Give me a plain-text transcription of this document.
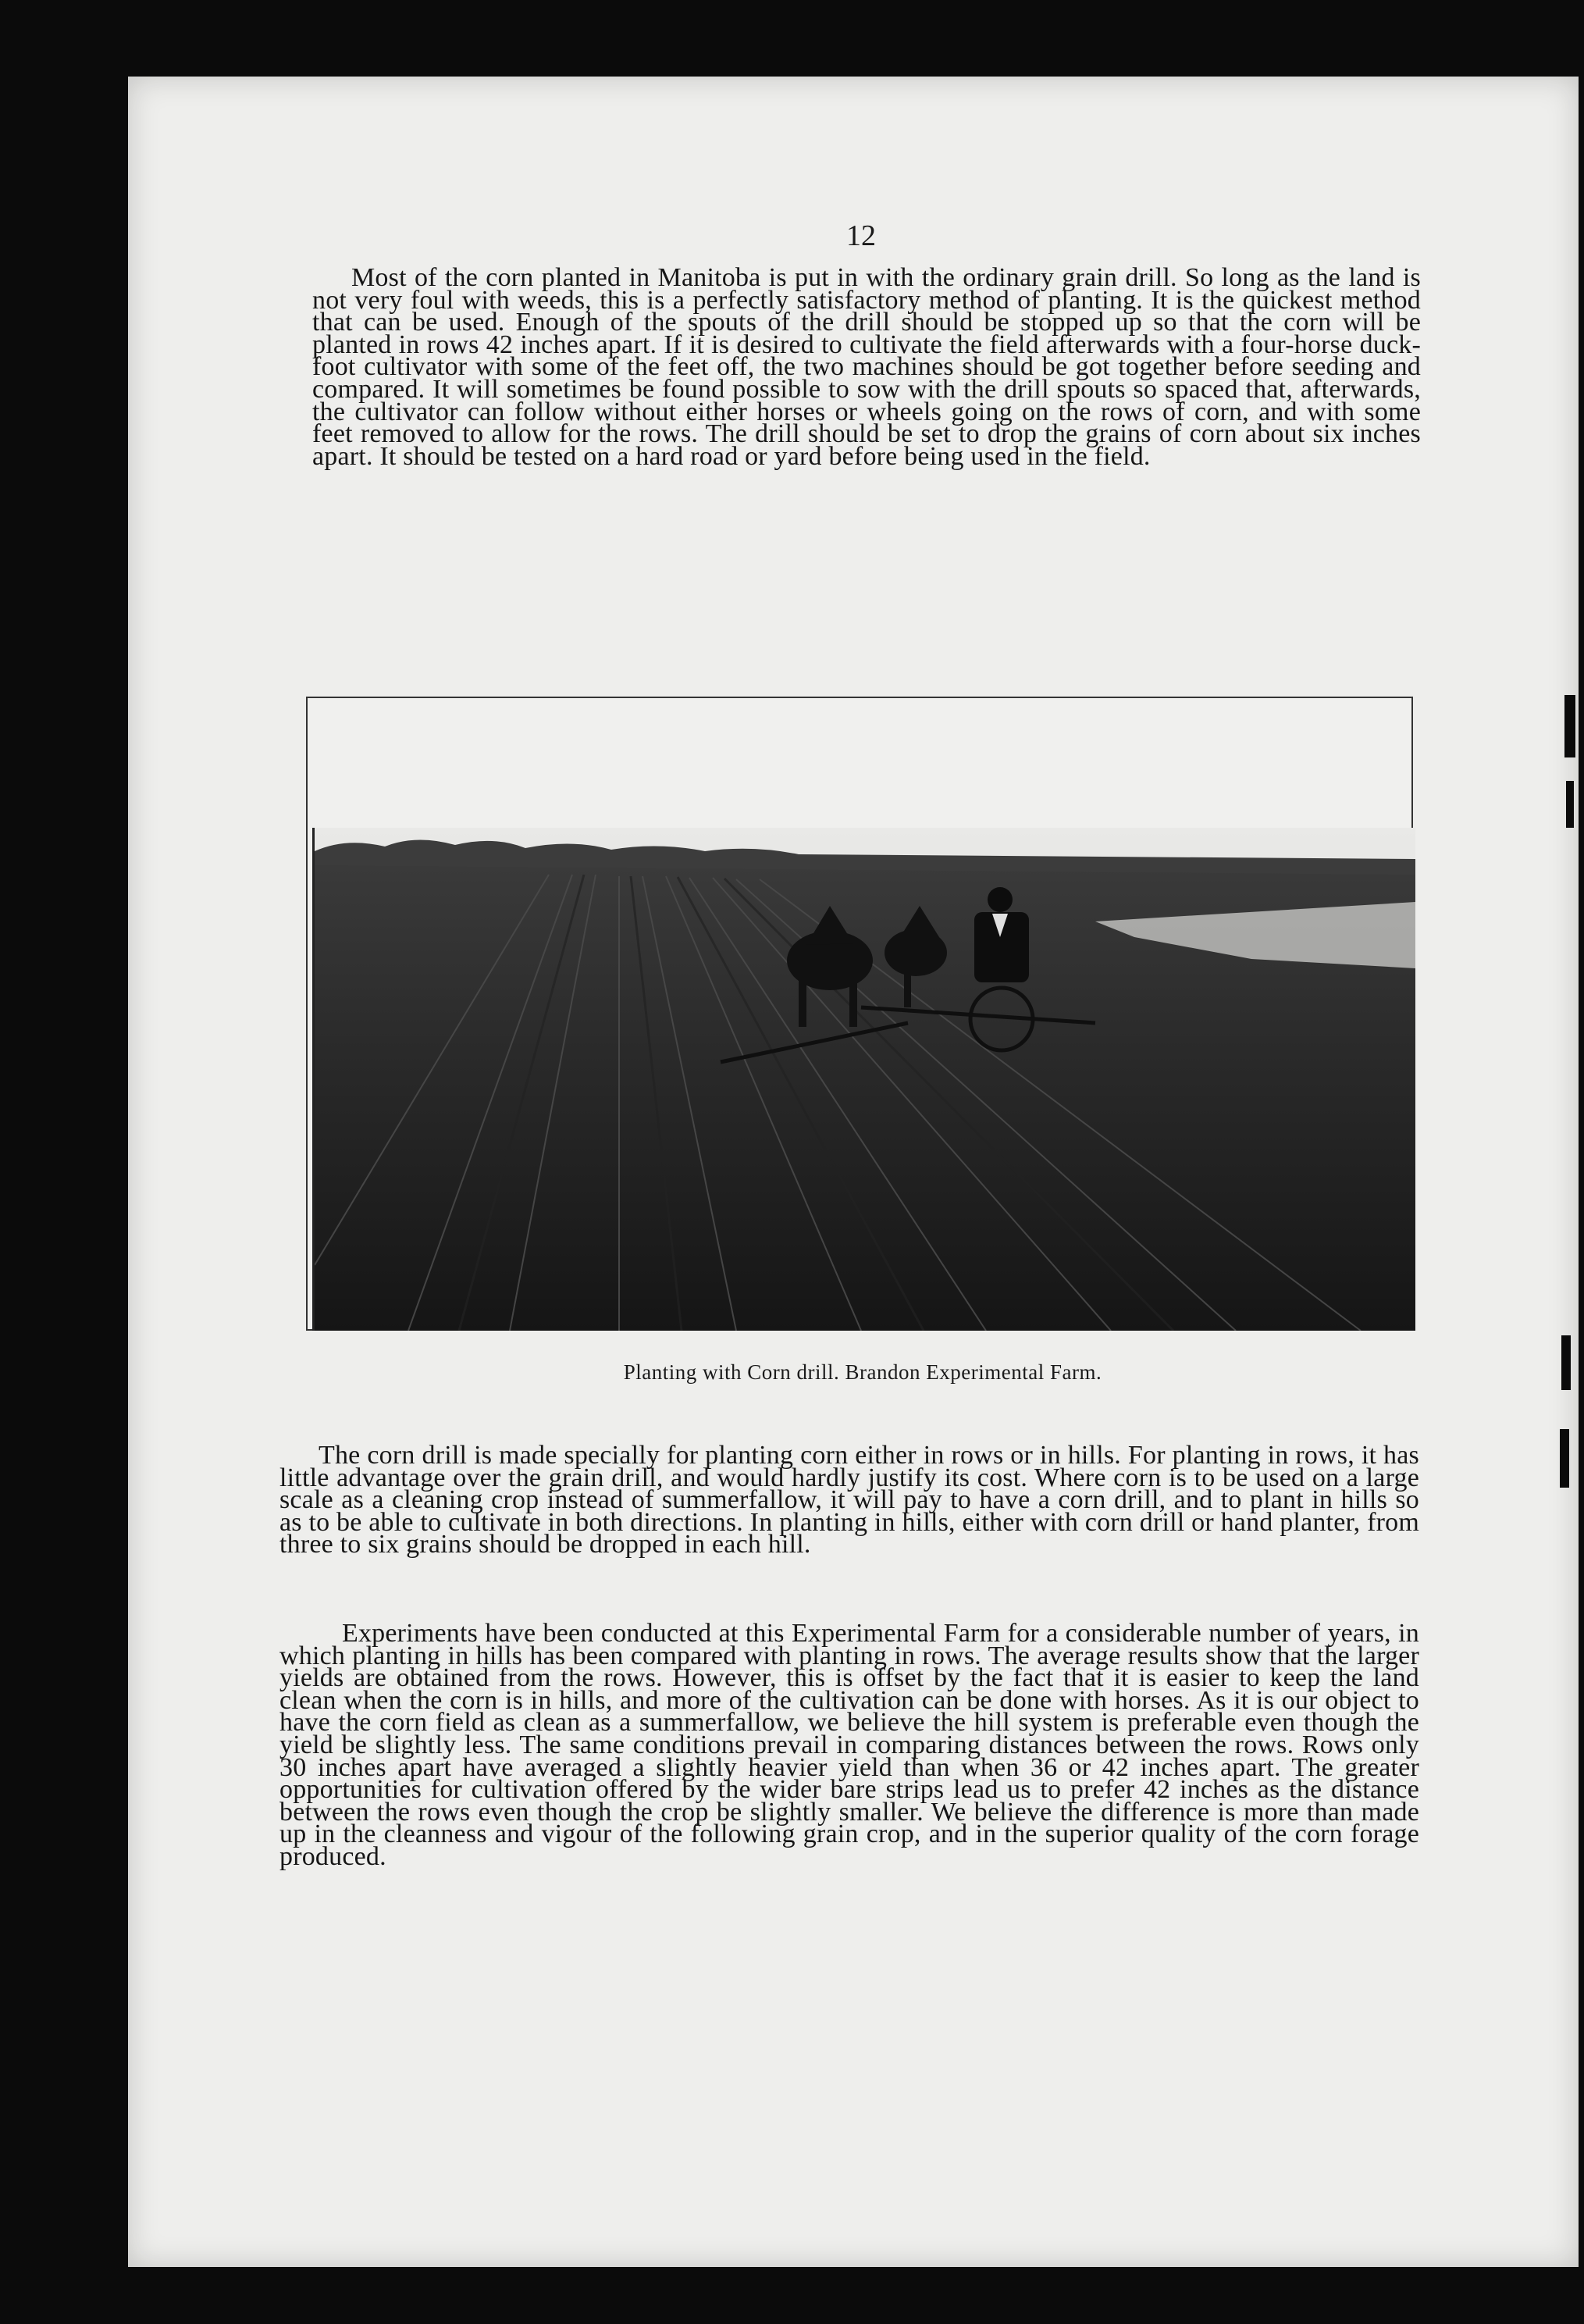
12

Most of the corn planted in Manitoba is put in with the ordinary grain drill. So long as the land is not very foul with weeds, this is a perfectly satisfactory method of planting. It is the quickest method that can be used. Enough of the spouts of the drill should be stopped up so that the corn will be planted in rows 42 inches apart. If it is desired to cultivate the field afterwards with a four-horse duck-foot cultivator with some of the feet off, the two machines should be got together before seeding and compared. It will sometimes be found possible to sow with the drill spouts so spaced that, afterwards, the cultivator can follow without either horses or wheels going on the rows of corn, and with some feet removed to allow for the rows. The drill should be set to drop the grains of corn about six inches apart. It should be tested on a hard road or yard before being used in the field.

Planting with Corn drill. Brandon Experimental Farm.

The corn drill is made specially for planting corn either in rows or in hills. For planting in rows, it has little advantage over the grain drill, and would hardly justify its cost. Where corn is to be used on a large scale as a cleaning crop instead of summerfallow, it will pay to have a corn drill, and to plant in hills so as to be able to cultivate in both directions. In planting in hills, either with corn drill or hand planter, from three to six grains should be dropped in each hill.

Experiments have been conducted at this Experimental Farm for a considerable number of years, in which planting in hills has been compared with planting in rows. The average results show that the larger yields are obtained from the rows. However, this is offset by the fact that it is easier to keep the land clean when the corn is in hills, and more of the cultivation can be done with horses. As it is our object to have the corn field as clean as a summerfallow, we believe the hill system is preferable even though the yield be slightly less. The same conditions prevail in comparing distances between the rows. Rows only 30 inches apart have averaged a slightly heavier yield than when 36 or 42 inches apart. The greater opportunities for cultivation offered by the wider bare strips lead us to prefer 42 inches as the distance between the rows even though the crop be slightly smaller. We believe the difference is more than made up in the cleanness and vigour of the following grain crop, and in the superior quality of the corn forage produced.
